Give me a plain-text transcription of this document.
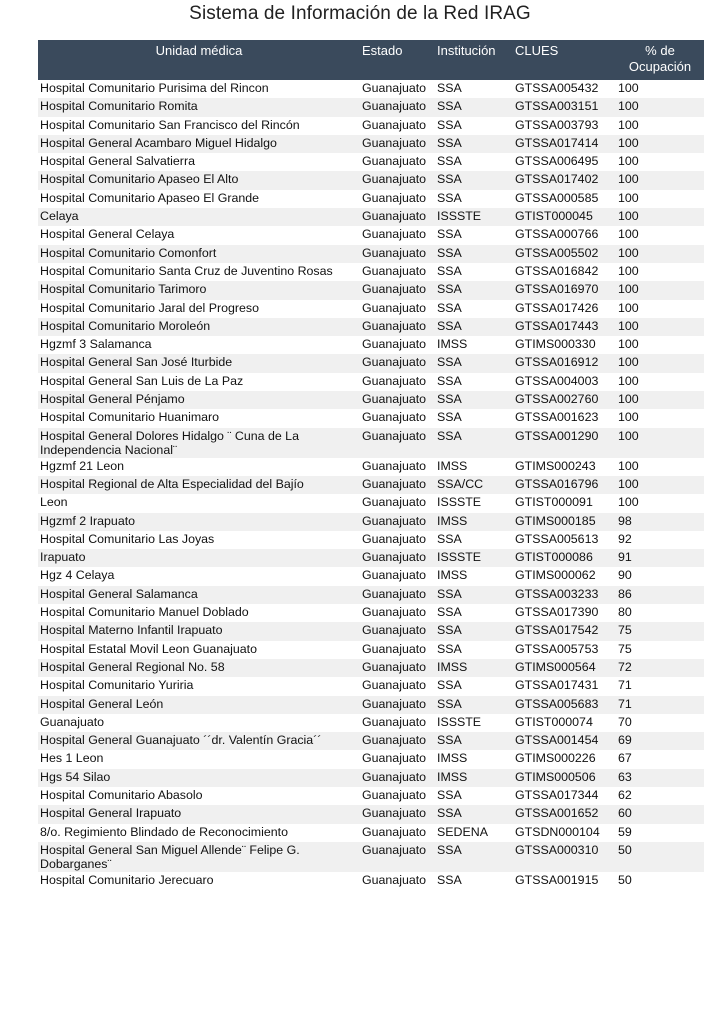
Sistema de Información de la Red IRAG
Unidad médica	Estado	Institución	CLUES	% de Ocupación
Hospital Comunitario Purisima del Rincon	Guanajuato	SSA	GTSSA005432	100
Hospital Comunitario Romita	Guanajuato	SSA	GTSSA003151	100
Hospital Comunitario San Francisco del Rincón	Guanajuato	SSA	GTSSA003793	100
Hospital General Acambaro Miguel Hidalgo	Guanajuato	SSA	GTSSA017414	100
Hospital General Salvatierra	Guanajuato	SSA	GTSSA006495	100
Hospital Comunitario Apaseo El Alto	Guanajuato	SSA	GTSSA017402	100
Hospital Comunitario Apaseo El Grande	Guanajuato	SSA	GTSSA000585	100
Celaya	Guanajuato	ISSSTE	GTIST000045	100
Hospital General Celaya	Guanajuato	SSA	GTSSA000766	100
Hospital Comunitario Comonfort	Guanajuato	SSA	GTSSA005502	100
Hospital Comunitario Santa Cruz de Juventino Rosas	Guanajuato	SSA	GTSSA016842	100
Hospital Comunitario Tarimoro	Guanajuato	SSA	GTSSA016970	100
Hospital Comunitario Jaral del Progreso	Guanajuato	SSA	GTSSA017426	100
Hospital Comunitario Moroleón	Guanajuato	SSA	GTSSA017443	100
Hgzmf 3 Salamanca	Guanajuato	IMSS	GTIMS000330	100
Hospital General San José Iturbide	Guanajuato	SSA	GTSSA016912	100
Hospital General San Luis de La Paz	Guanajuato	SSA	GTSSA004003	100
Hospital General Pénjamo	Guanajuato	SSA	GTSSA002760	100
Hospital Comunitario Huanimaro	Guanajuato	SSA	GTSSA001623	100
Hospital General Dolores Hidalgo ¨ Cuna de La Independencia Nacional¨	Guanajuato	SSA	GTSSA001290	100
Hgzmf 21 Leon	Guanajuato	IMSS	GTIMS000243	100
Hospital Regional de Alta Especialidad del Bajío	Guanajuato	SSA/CC	GTSSA016796	100
Leon	Guanajuato	ISSSTE	GTIST000091	100
Hgzmf 2 Irapuato	Guanajuato	IMSS	GTIMS000185	98
Hospital Comunitario Las Joyas	Guanajuato	SSA	GTSSA005613	92
Irapuato	Guanajuato	ISSSTE	GTIST000086	91
Hgz 4 Celaya	Guanajuato	IMSS	GTIMS000062	90
Hospital General Salamanca	Guanajuato	SSA	GTSSA003233	86
Hospital Comunitario Manuel Doblado	Guanajuato	SSA	GTSSA017390	80
Hospital Materno Infantil Irapuato	Guanajuato	SSA	GTSSA017542	75
Hospital Estatal Movil Leon Guanajuato	Guanajuato	SSA	GTSSA005753	75
Hospital General Regional No. 58	Guanajuato	IMSS	GTIMS000564	72
Hospital Comunitario Yuriria	Guanajuato	SSA	GTSSA017431	71
Hospital General León	Guanajuato	SSA	GTSSA005683	71
Guanajuato	Guanajuato	ISSSTE	GTIST000074	70
Hospital General Guanajuato ´´dr. Valentín Gracia´´	Guanajuato	SSA	GTSSA001454	69
Hes 1 Leon	Guanajuato	IMSS	GTIMS000226	67
Hgs 54 Silao	Guanajuato	IMSS	GTIMS000506	63
Hospital Comunitario Abasolo	Guanajuato	SSA	GTSSA017344	62
Hospital General Irapuato	Guanajuato	SSA	GTSSA001652	60
8/o. Regimiento Blindado de Reconocimiento	Guanajuato	SEDENA	GTSDN000104	59
Hospital General San Miguel Allende¨ Felipe G. Dobarganes¨	Guanajuato	SSA	GTSSA000310	50
Hospital Comunitario Jerecuaro	Guanajuato	SSA	GTSSA001915	50
